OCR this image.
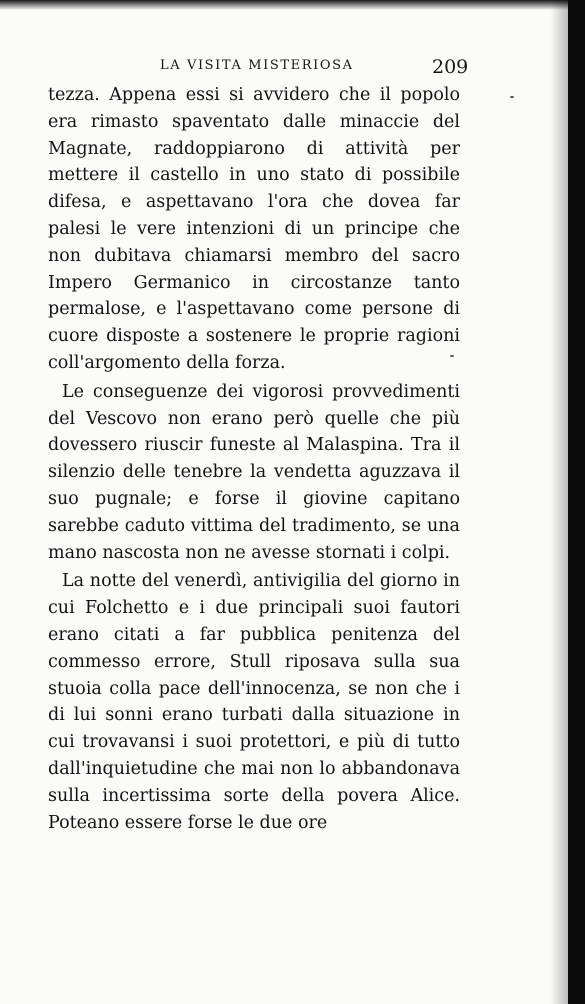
LA VISITA MISTERIOSA	209

tezza. Appena essi si avvidero che il popolo era rimasto spaventato dalle minaccie del Magnate, raddoppiarono di attività per mettere il castello in uno stato di possibile difesa, e aspettavano l'ora che dovea far palesi le vere intenzioni di un principe che non dubitava chiamarsi membro del sacro Impero Germanico in circostanze tanto permalose, e l'aspettavano come persone di cuore disposte a sostenere le proprie ragioni coll'argomento della forza.

Le conseguenze dei vigorosi provvedimenti del Vescovo non erano però quelle che più dovessero riuscir funeste al Malaspina. Tra il silenzio delle tenebre la vendetta aguzzava il suo pugnale; e forse il giovine capitano sarebbe caduto vittima del tradimento, se una mano nascosta non ne avesse stornati i colpi.

La notte del venerdì, antivigilia del giorno in cui Folchetto e i due principali suoi fautori erano citati a far pubblica penitenza del commesso errore, Stull riposava sulla sua stuoia colla pace dell'innocenza, se non che i di lui sonni erano turbati dalla situazione in cui trovavansi i suoi protettori, e più di tutto dall'inquietudine che mai non lo abbandonava sulla incertissima sorte della povera Alice. Poteano essere forse le due ore
